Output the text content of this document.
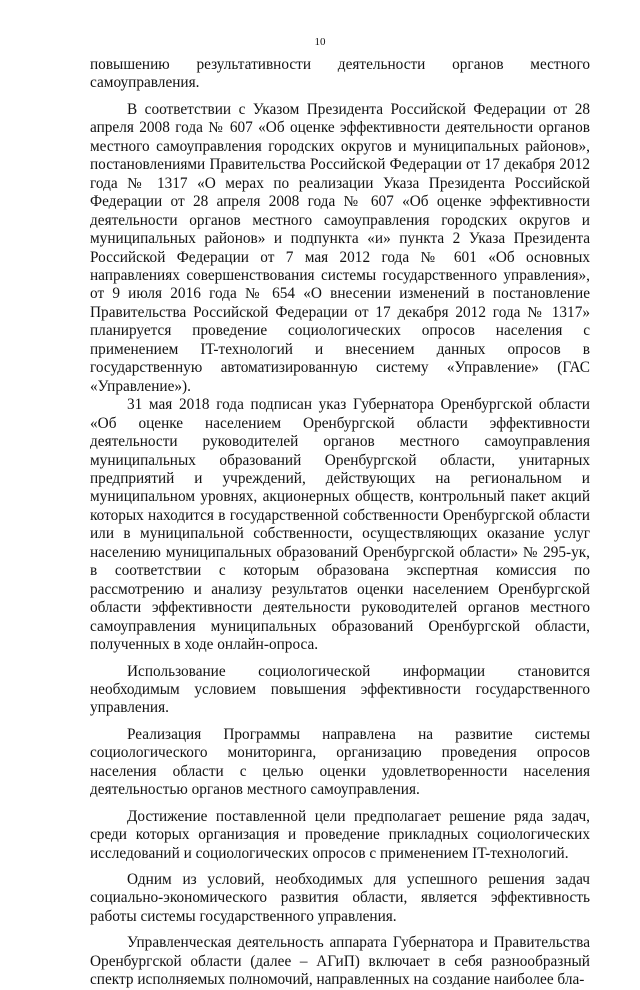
10

повышению результативности деятельности органов местного самоуправления.

В соответствии с Указом Президента Российской Федерации от 28 апреля 2008 года № 607 «Об оценке эффективности деятельности органов местного самоуправления городских округов и муниципальных районов», постановлениями Правительства Российской Федерации от 17 декабря 2012 года № 1317 «О мерах по реализации Указа Президента Российской Федерации от 28 апреля 2008 года № 607 «Об оценке эффективности деятельности органов местного самоуправления городских округов и муниципальных районов» и подпункта «и» пункта 2 Указа Президента Российской Федерации от 7 мая 2012 года № 601 «Об основных направлениях совершенствования системы государственного управления», от 9 июля 2016 года № 654 «О внесении изменений в постановление Правительства Российской Федерации от 17 декабря 2012 года № 1317» планируется проведение социологических опросов населения с применением IT-технологий и внесением данных опросов в государственную автоматизированную систему «Управление» (ГАС «Управление»).

31 мая 2018 года подписан указ Губернатора Оренбургской области «Об оценке населением Оренбургской области эффективности деятельности руководителей органов местного самоуправления муниципальных образований Оренбургской области, унитарных предприятий и учреждений, действующих на региональном и муниципальном уровнях, акционерных обществ, контрольный пакет акций которых находится в государственной собственности Оренбургской области или в муниципальной собственности, осуществляющих оказание услуг населению муниципальных образований Оренбургской области» № 295-ук, в соответствии с которым образована экспертная комиссия по рассмотрению и анализу результатов оценки населением Оренбургской области эффективности деятельности руководителей органов местного самоуправления муниципальных образований Оренбургской области, полученных в ходе онлайн-опроса.

Использование социологической информации становится необходимым условием повышения эффективности государственного управления.

Реализация Программы направлена на развитие системы социологического мониторинга, организацию проведения опросов населения области с целью оценки удовлетворенности населения деятельностью органов местного самоуправления.

Достижение поставленной цели предполагает решение ряда задач, среди которых организация и проведение прикладных социологических исследований и социологических опросов с применением IT-технологий.

Одним из условий, необходимых для успешного решения задач социально-экономического развития области, является эффективность работы системы государственного управления.

Управленческая деятельность аппарата Губернатора и Правительства Оренбургской области (далее – АГиП) включает в себя разнообразный спектр исполняемых полномочий, направленных на создание наиболее бла-
